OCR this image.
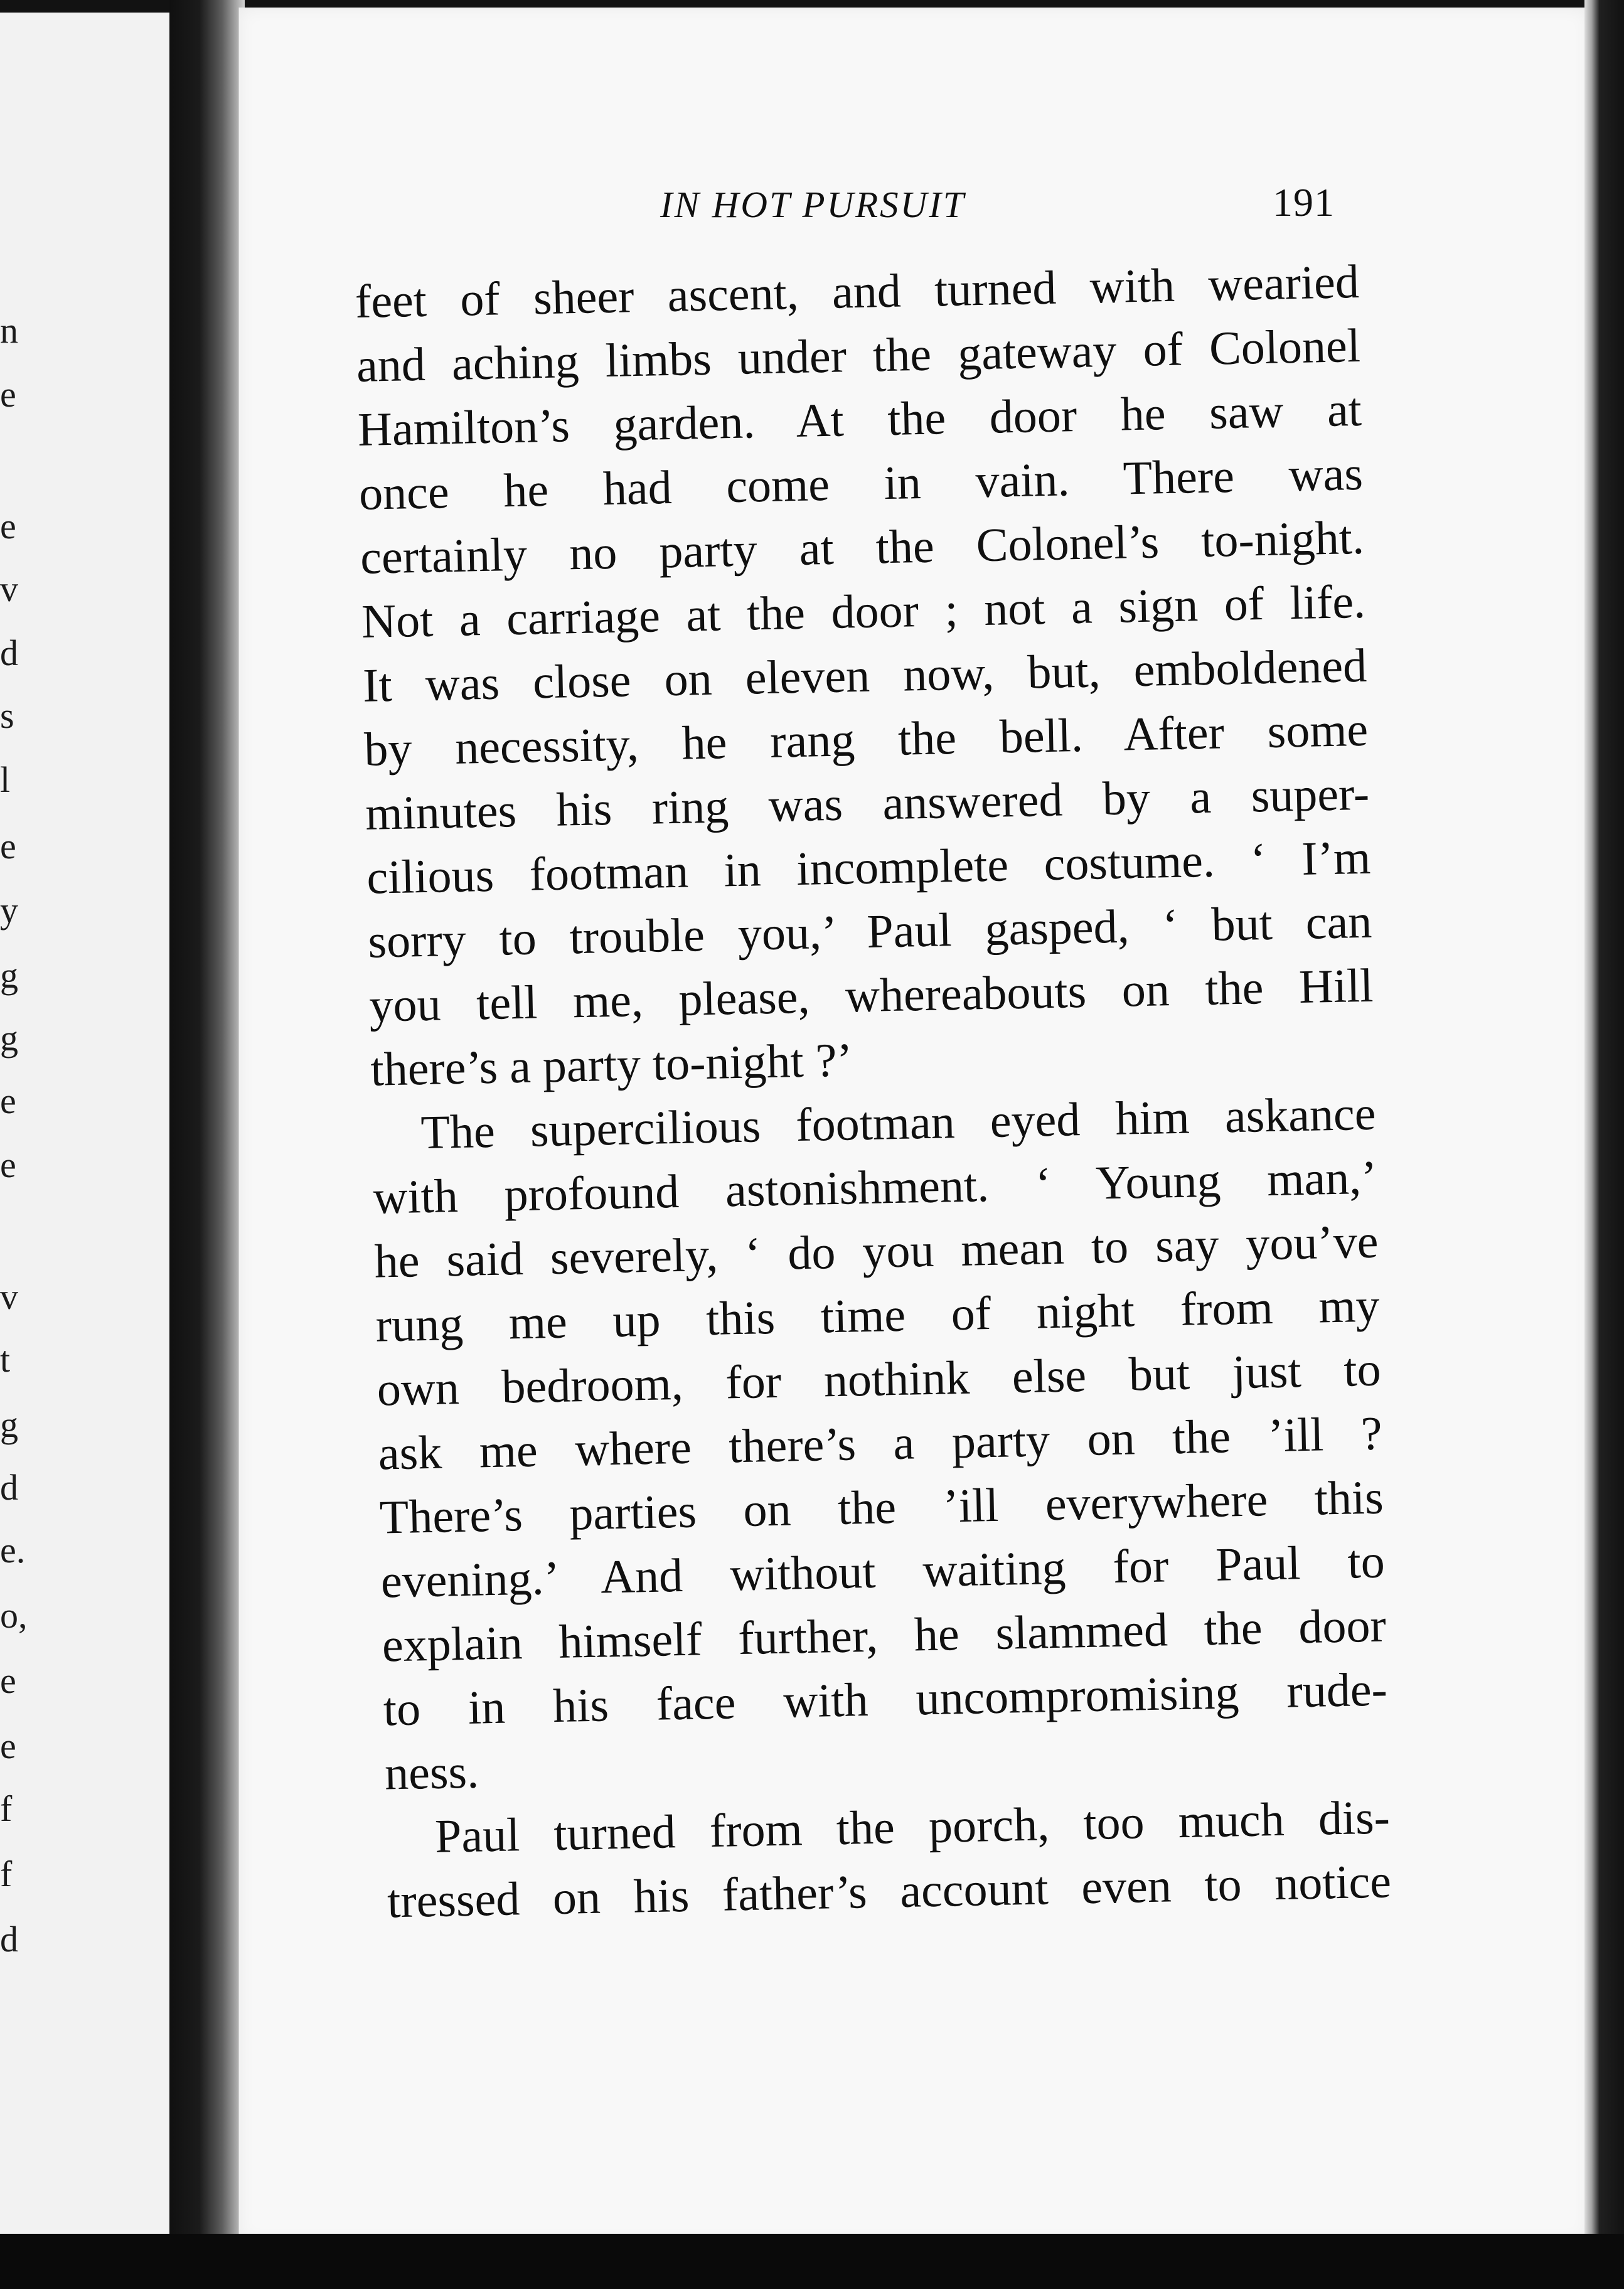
n
e
e
v
d
s
l
e
y
g
g
e
e
v
t
g
d
e.
o,
e
e
f
f
d
IN HOT PURSUIT	191
feet of sheer ascent, and turned with wearied
and aching limbs under the gateway of Colonel
Hamilton’s garden. At the door he saw at
once he had come in vain. There was
certainly no party at the Colonel’s to-night.
Not a carriage at the door ; not a sign of life.
It was close on eleven now, but, emboldened
by necessity, he rang the bell. After some
minutes his ring was answered by a super-
cilious footman in incomplete costume. ‘ I’m
sorry to trouble you,’ Paul gasped, ‘ but can
you tell me, please, whereabouts on the Hill
there’s a party to-night ?’
The supercilious footman eyed him askance
with profound astonishment. ‘ Young man,’
he said severely, ‘ do you mean to say you’ve
rung me up this time of night from my
own bedroom, for nothink else but just to
ask me where there’s a party on the ’ill ?
There’s parties on the ’ill everywhere this
evening.’ And without waiting for Paul to
explain himself further, he slammed the door
to in his face with uncompromising rude-
ness.
Paul turned from the porch, too much dis-
tressed on his father’s account even to notice
